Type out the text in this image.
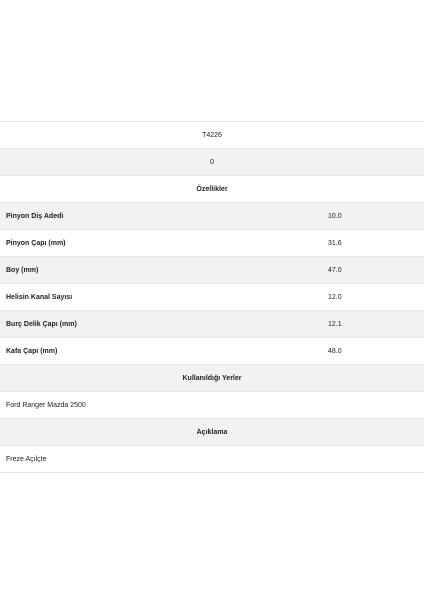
T4226
0
Özellikler
Pinyon Diş Adedi	10.0
Pinyon Çapı (mm)	31.6
Boy (mm)	47.0
Helisin Kanal Sayısı	12.0
Burç Delik Çapı (mm)	12.1
Kafa Çapı (mm)	48.0
Kullanıldığı Yerler
Ford Ranger Mazda 2500
Açıklama
Freze Açılçte
